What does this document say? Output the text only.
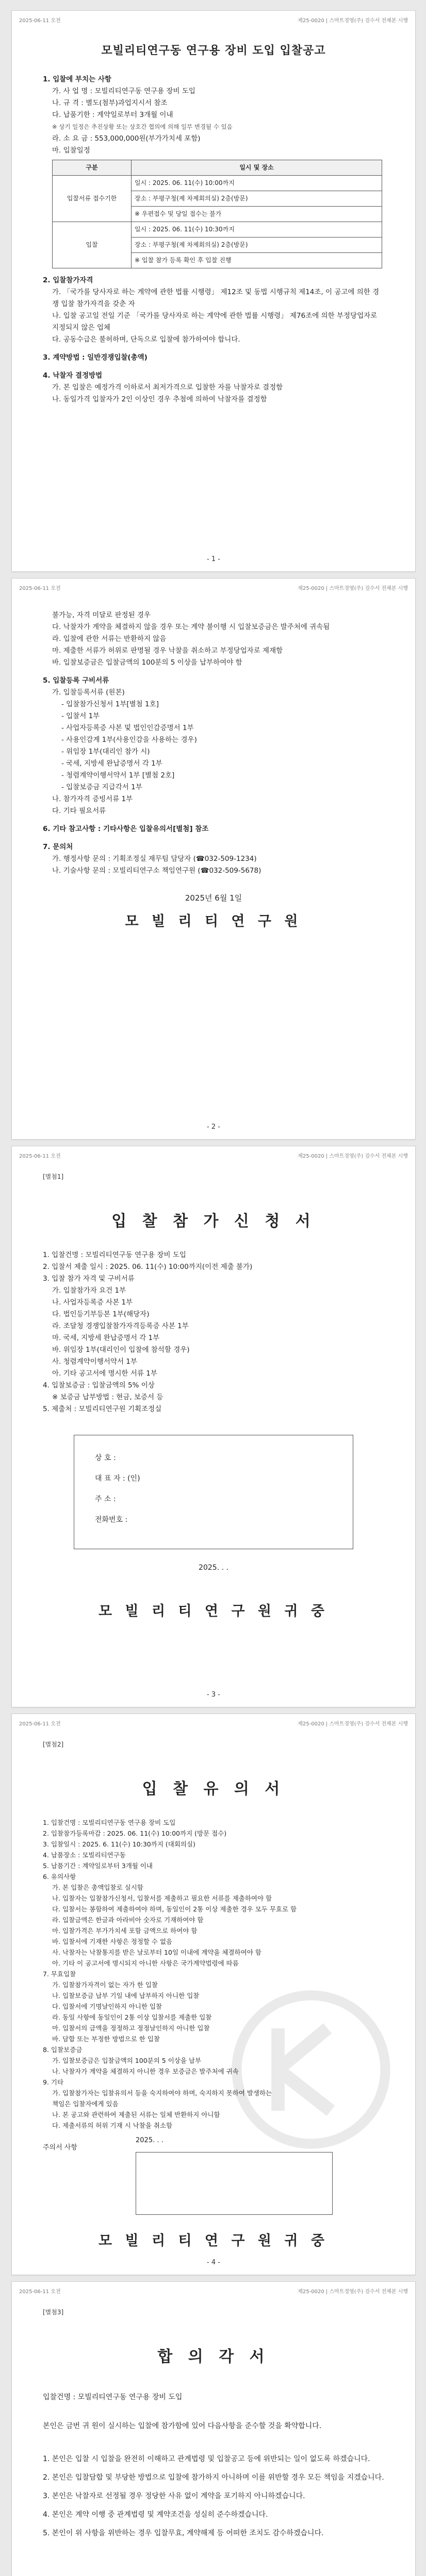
2025-06-11 오전	제25-0020 | 스마트경영(주) 검수서 전체본 시행
모빌리티연구동 연구용 장비 도입 입찰공고
1. 입찰에 부치는 사항
가. 사 업 명 : 모빌리티연구동 연구용 장비 도입
나. 규 격 : 별도(첨부)과업지시서 참조
다. 납품기한 : 계약일로부터 3개월 이내
※ 상기 일정은 추진상황 또는 상호간 협의에 의해 일부 변경될 수 있음
라. 소 요 금 : 553,000,000원(부가가치세 포함)
마. 입찰일정
구분	일시 및 장소
입찰서류 접수기한	일시 : 2025. 06. 11(수) 10:00까지
	장소 : 부평구청(제 차제회의실) 2층(방문)
	※ 우편접수 및 당일 접수는 불가
입찰	일시 : 2025. 06. 11(수) 10:30까지
	장소 : 부평구청(제 차제회의실) 2층(방문)
	※ 입찰 참가 등록 확인 후 입찰 진행
2. 입찰참가자격
가. 「국가를 당사자로 하는 계약에 관한 법률 시행령」 제12조 및 동법 시행규칙 제14조, 이 공고에 의한 경쟁 입찰 참가자격을 갖춘 자
나. 입찰 공고일 전일 기준 「국가를 당사자로 하는 계약에 관한 법률 시행령」 제76조에 의한 부정당업자로 지정되지 않은 업체
다. 공동수급은 불허하며, 단독으로 입찰에 참가하여야 합니다.
3. 계약방법 : 일반경쟁입찰(총액)
4. 낙찰자 결정방법
가. 본 입찰은 예정가격 이하로서 최저가격으로 입찰한 자를 낙찰자로 결정함
나. 동일가격 입찰자가 2인 이상인 경우 추첨에 의하여 낙찰자를 결정함
- 1 -
2025-06-11 오전	제25-0020 | 스마트경영(주) 검수서 전체본 시행
불가능, 자격 미달로 판정된 경우
다. 낙찰자가 계약을 체결하지 않을 경우 또는 계약 불이행 시 입찰보증금은 발주처에 귀속됨
라. 입찰에 관한 서류는 반환하지 않음
마. 제출한 서류가 허위로 판명될 경우 낙찰을 취소하고 부정당업자로 제재함
바. 입찰보증금은 입찰금액의 100분의 5 이상을 납부하여야 함
5. 입찰등록 구비서류
가. 입찰등록서류 (원본)
- 입찰참가신청서 1부[별첨 1호]
- 입찰서 1부
- 사업자등록증 사본 및 법인인감증명서 1부
- 사용인감계 1부(사용인감을 사용하는 경우)
- 위임장 1부(대리인 참가 시)
- 국세, 지방세 완납증명서 각 1부
- 청렴계약이행서약서 1부 [별첨 2호]
- 입찰보증금 지급각서 1부
나. 참가자격 증빙서류 1부
다. 기타 필요서류
6. 기타 참고사항 : 기타사항은 입찰유의서[별첨] 참조
7. 문의처
가. 행정사항 문의 : 기획조정실 재무팀 담당자 (☎032-509-1234)
나. 기술사항 문의 : 모빌리티연구소 책임연구원 (☎032-509-5678)
2025년 6월 1일
모 빌 리 티 연 구 원
- 2 -
2025-06-11 오전	제25-0020 | 스마트경영(주) 검수서 전체본 시행
[별첨1]
입 찰 참 가 신 청 서
1. 입찰건명 : 모빌리티연구동 연구용 장비 도입
2. 입찰서 제출 일시 : 2025. 06. 11(수) 10:00까지(이전 제출 불가)
3. 입찰 참가 자격 및 구비서류
가. 입찰참가자 요건 1부
나. 사업자등록증 사본 1부
다. 법인등기부등본 1부(해당자)
라. 조달청 경쟁입찰참가자격등록증 사본 1부
마. 국세, 지방세 완납증명서 각 1부
바. 위임장 1부(대리인이 입찰에 참석할 경우)
사. 청렴계약이행서약서 1부
아. 기타 공고서에 명시한 서류 1부
4. 입찰보증금 : 입찰금액의 5% 이상
※ 보증금 납부방법 : 현금, 보증서 등
5. 제출처 : 모빌리티연구원 기획조정실
상 호 :
대 표 자 : (인)
주 소 :
전화번호 :
2025. . .
모 빌 리 티 연 구 원 귀 중
- 3 -
2025-06-11 오전	제25-0020 | 스마트경영(주) 검수서 전체본 시행
[별첨2]
입 찰 유 의 서
1. 입찰건명 : 모빌리티연구동 연구용 장비 도입
2. 입찰참가등록마감 : 2025. 06. 11(수) 10:00까지 (방문 접수)
3. 입찰일시 : 2025. 6. 11(수) 10:30까지 (대회의실)
4. 납품장소 : 모빌리티연구동
5. 납품기간 : 계약일로부터 3개월 이내
6. 유의사항
가. 본 입찰은 총액입찰로 실시함
나. 입찰자는 입찰참가신청서, 입찰서를 제출하고 필요한 서류를 제출하여야 함
다. 입찰서는 봉함하여 제출하여야 하며, 동일인이 2통 이상 제출한 경우 모두 무효로 함
라. 입찰금액은 한글과 아라비아 숫자로 기재하여야 함
마. 입찰가격은 부가가치세 포함 금액으로 하여야 함
바. 입찰서에 기재한 사항은 정정할 수 없음
사. 낙찰자는 낙찰통지를 받은 날로부터 10일 이내에 계약을 체결하여야 함
아. 기타 이 공고서에 명시되지 아니한 사항은 국가계약법령에 따름
7. 무효입찰
가. 입찰참가자격이 없는 자가 한 입찰
나. 입찰보증금 납부 기일 내에 납부하지 아니한 입찰
다. 입찰서에 기명날인하지 아니한 입찰
라. 동일 사항에 동일인이 2통 이상 입찰서를 제출한 입찰
마. 입찰서의 금액을 정정하고 정정날인하지 아니한 입찰
바. 담합 또는 부정한 방법으로 한 입찰
8. 입찰보증금
가. 입찰보증금은 입찰금액의 100분의 5 이상을 납부
나. 낙찰자가 계약을 체결하지 아니한 경우 보증금은 발주처에 귀속
9. 기타
가. 입찰참가자는 입찰유의서 등을 숙지하여야 하며, 숙지하지 못하여 발생하는
책임은 입찰자에게 있음
나. 본 공고와 관련하여 제출된 서류는 일체 반환하지 아니함
다. 제출서류의 허위 기재 시 낙찰을 취소함
주의서 사항
2025. . .
모 빌 리 티 연 구 원 귀 중
- 4 -
2025-06-11 오전	제25-0020 | 스마트경영(주) 검수서 전체본 시행
[별첨3]
합 의 각 서
입찰건명 : 모빌리티연구동 연구용 장비 도입

본인은 금번 귀 원이 실시하는 입찰에 참가함에 있어 다음사항을 준수할 것을 확약합니다.

1. 본인은 입찰 시 입찰을 완전히 이해하고 관계법령 및 입찰공고 등에 위반되는 일이 없도록 하겠습니다.
2. 본인은 입찰담합 및 부당한 방법으로 입찰에 참가하지 아니하며 이를 위반할 경우 모든 책임을 지겠습니다.
3. 본인은 낙찰자로 선정될 경우 정당한 사유 없이 계약을 포기하지 아니하겠습니다.
4. 본인은 계약 이행 중 관계법령 및 계약조건을 성실히 준수하겠습니다.
5. 본인이 위 사항을 위반하는 경우 입찰무효, 계약해제 등 어떠한 조치도 감수하겠습니다.
